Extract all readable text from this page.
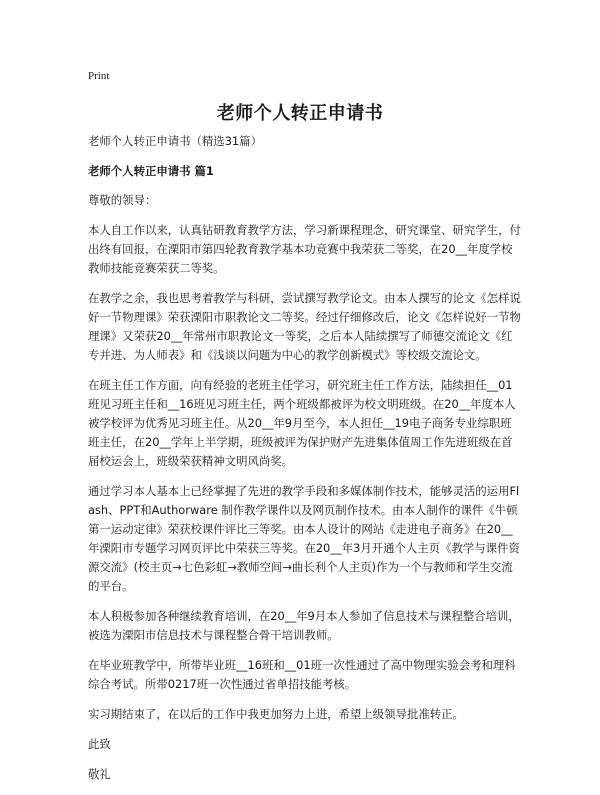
Print
老师个人转正申请书

老师个人转正申请书（精选31篇）

老师个人转正申请书 篇1

尊敬的领导：

本人自工作以来，认真钻研教育教学方法，学习新课程理念，研究课堂、研究学生，付出终有回报，在溧阳市第四轮教育教学基本功竞赛中我荣获二等奖，在20__年度学校教师技能竞赛荣获二等奖。

在教学之余，我也思考着教学与科研，尝试撰写教学论文。由本人撰写的论文《怎样说好一节物理课》荣获溧阳市职教论文二等奖。经过仔细修改后，论文《怎样说好一节物理课》又荣获20__年常州市职教论文一等奖，之后本人陆续撰写了师德交流论文《红专并进、为人师表》和《浅谈以问题为中心的教学创新模式》等校级交流论文。

在班主任工作方面，向有经验的老班主任学习，研究班主任工作方法，陆续担任__01班见习班主任和__16班见习班主任，两个班级都被评为校文明班级。在20__年度本人被学校评为优秀见习班主任。从20__年9月至今，本人担任__19电子商务专业综职班班主任，在20__学年上半学期，班级被评为保护财产先进集体值周工作先进班级在首届校运会上，班级荣获精神文明风尚奖。

通过学习本人基本上已经掌握了先进的教学手段和多媒体制作技术，能够灵活的运用Flash、PPT和Authorware 制作教学课件以及网页制作技术。由本人制作的课件《牛顿第一运动定律》荣获校课件评比三等奖。由本人设计的网站《走进电子商务》在20__年溧阳市专题学习网页评比中荣获三等奖。在20__年3月开通个人主页《教学与课件资源交流》(校主页→七色彩虹→教师空间→曲长利个人主页)作为一个与教师和学生交流的平台。

本人积极参加各种继续教育培训，在20__年9月本人参加了信息技术与课程整合培训，被选为溧阳市信息技术与课程整合骨干培训教师。

在毕业班教学中，所带毕业班__16班和__01班一次性通过了高中物理实验会考和理科综合考试。所带0217班一次性通过省单招技能考核。

实习期结束了，在以后的工作中我更加努力上进，希望上级领导批准转正。

此致

敬礼
